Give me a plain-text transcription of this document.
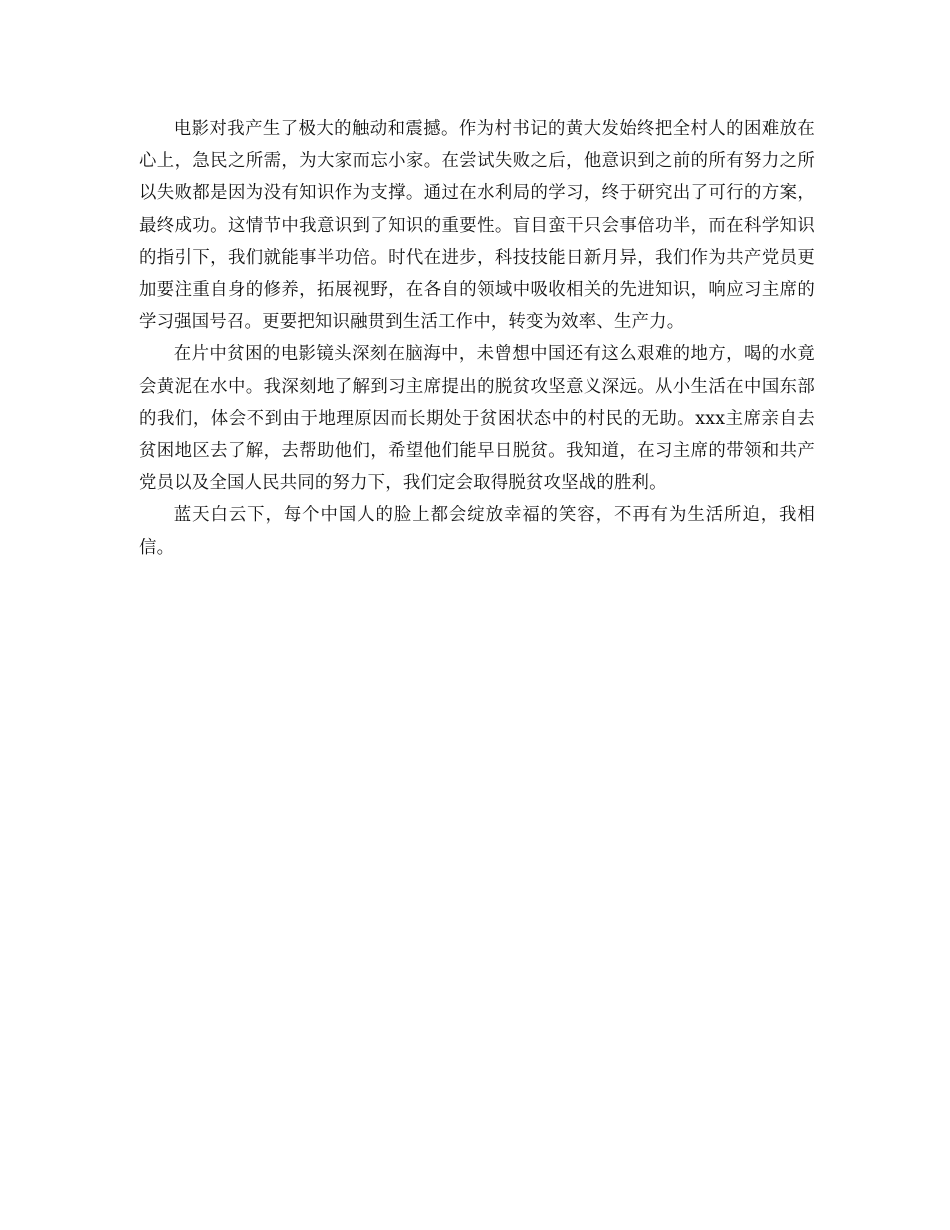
电影对我产生了极大的触动和震撼。作为村书记的黄大发始终把全村人的困难放在心上，急民之所需，为大家而忘小家。在尝试失败之后，他意识到之前的所有努力之所以失败都是因为没有知识作为支撑。通过在水利局的学习，终于研究出了可行的方案，最终成功。这情节中我意识到了知识的重要性。盲目蛮干只会事倍功半，而在科学知识的指引下，我们就能事半功倍。时代在进步，科技技能日新月异，我们作为共产党员更加要注重自身的修养，拓展视野，在各自的领域中吸收相关的先进知识，响应习主席的学习强国号召。更要把知识融贯到生活工作中，转变为效率、生产力。

在片中贫困的电影镜头深刻在脑海中，未曾想中国还有这么艰难的地方，喝的水竟会黄泥在水中。我深刻地了解到习主席提出的脱贫攻坚意义深远。从小生活在中国东部的我们，体会不到由于地理原因而长期处于贫困状态中的村民的无助。xxx主席亲自去贫困地区去了解，去帮助他们，希望他们能早日脱贫。我知道，在习主席的带领和共产党员以及全国人民共同的努力下，我们定会取得脱贫攻坚战的胜利。

蓝天白云下，每个中国人的脸上都会绽放幸福的笑容，不再有为生活所迫，我相信。
